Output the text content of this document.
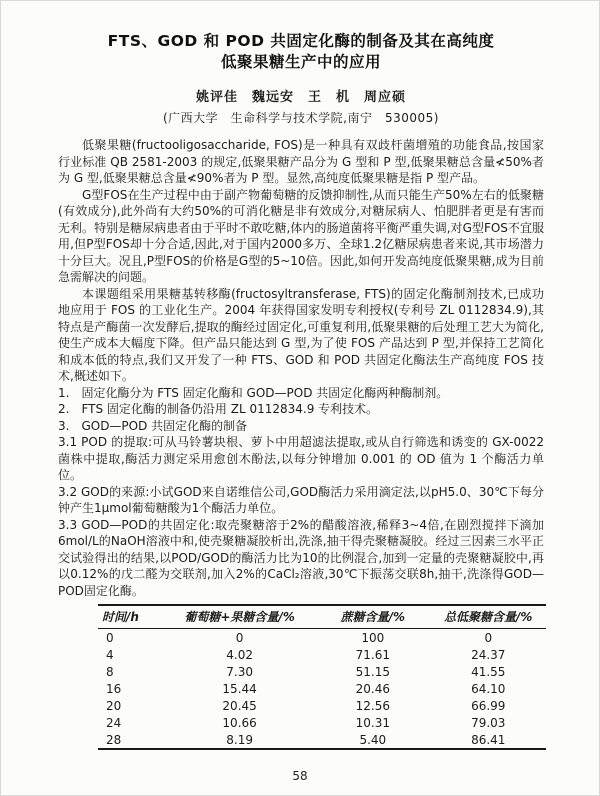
FTS、GOD 和 POD 共固定化酶的制备及其在高纯度
低聚果糖生产中的应用
姚评佳　魏远安　王　机　周应硕
(广西大学　生命科学与技术学院,南宁　530005)

低聚果糖(fructooligosaccharide, FOS)是一种具有双歧杆菌增殖的功能食品,按国家行业标准 QB 2581-2003 的规定,低聚果糖产品分为 G 型和 P 型,低聚果糖总含量≮50%者为 G 型,低聚果糖总含量≮90%者为 P 型。显然,高纯度低聚果糖是指 P 型产品。

G型FOS在生产过程中由于副产物葡萄糖的反馈抑制性,从而只能生产50%左右的低聚糖(有效成分),此外尚有大约50%的可消化糖是非有效成分,对糖尿病人、怕肥胖者更是有害而无利。特别是糖尿病患者由于平时不敢吃糖,体内的肠道菌将平衡严重失调,对G型FOS不宜服用,但P型FOS却十分合适,因此,对于国内2000多万、全球1.2亿糖尿病患者来说,其市场潜力十分巨大。况且,P型FOS的价格是G型的5~10倍。因此,如何开发高纯度低聚果糖,成为目前急需解决的问题。

本课题组采用果糖基转移酶(fructosyltransferase, FTS)的固定化酶制剂技术,已成功地应用于 FOS 的工业化生产。2004 年获得国家发明专利授权(专利号 ZL 0112834.9),其特点是产酶菌一次发酵后,提取的酶经过固定化,可重复利用,低聚果糖的后处理工艺大为简化,使生产成本大幅度下降。但产品只能达到 G 型,为了使 FOS 产品达到 P 型,并保持工艺简化和成本低的特点,我们又开发了一种 FTS、GOD 和 POD 共固定化酶法生产高纯度 FOS 技术,概述如下。

1.　固定化酶分为 FTS 固定化酶和 GOD—POD 共固定化酶两种酶制剂。

2.　FTS 固定化酶的制备仍沿用 ZL 0112834.9 专利技术。

3.　GOD—POD 共固定化酶的制备

3.1 POD 的提取:可从马铃薯块根、萝卜中用超滤法提取,或从自行筛选和诱变的 GX-0022 菌株中提取,酶活力测定采用愈创木酚法,以每分钟增加 0.001 的 OD 值为 1 个酶活力单位。

3.2 GOD的来源:小试GOD来自诺维信公司,GOD酶活力采用滴定法,以pH5.0、30℃下每分钟产生1μmol葡萄糖酸为1个酶活力单位。

3.3 GOD—POD的共固定化:取壳聚糖溶于2%的醋酸溶液,稀释3~4倍,在剧烈搅拌下滴加6mol/L的NaOH溶液中和,使壳聚糖凝胶析出,洗涤,抽干得壳聚糖凝胶。经过三因素三水平正交试验得出的结果,以POD/GOD的酶活力比为10的比例混合,加到一定量的壳聚糖凝胶中,再以0.12%的戊二醛为交联剂,加入2%的CaCl₂溶液,30℃下振荡交联8h,抽干,洗涤得GOD—POD固定化酶。

时间/h	葡萄糖+果糖含量/%	蔗糖含量/%	总低聚糖含量/%
0	0	100	0
4	4.02	71.61	24.37
8	7.30	51.15	41.55
16	15.44	20.46	64.10
20	20.45	12.56	66.99
24	10.66	10.31	79.03
28	8.19	5.40	86.41
58
